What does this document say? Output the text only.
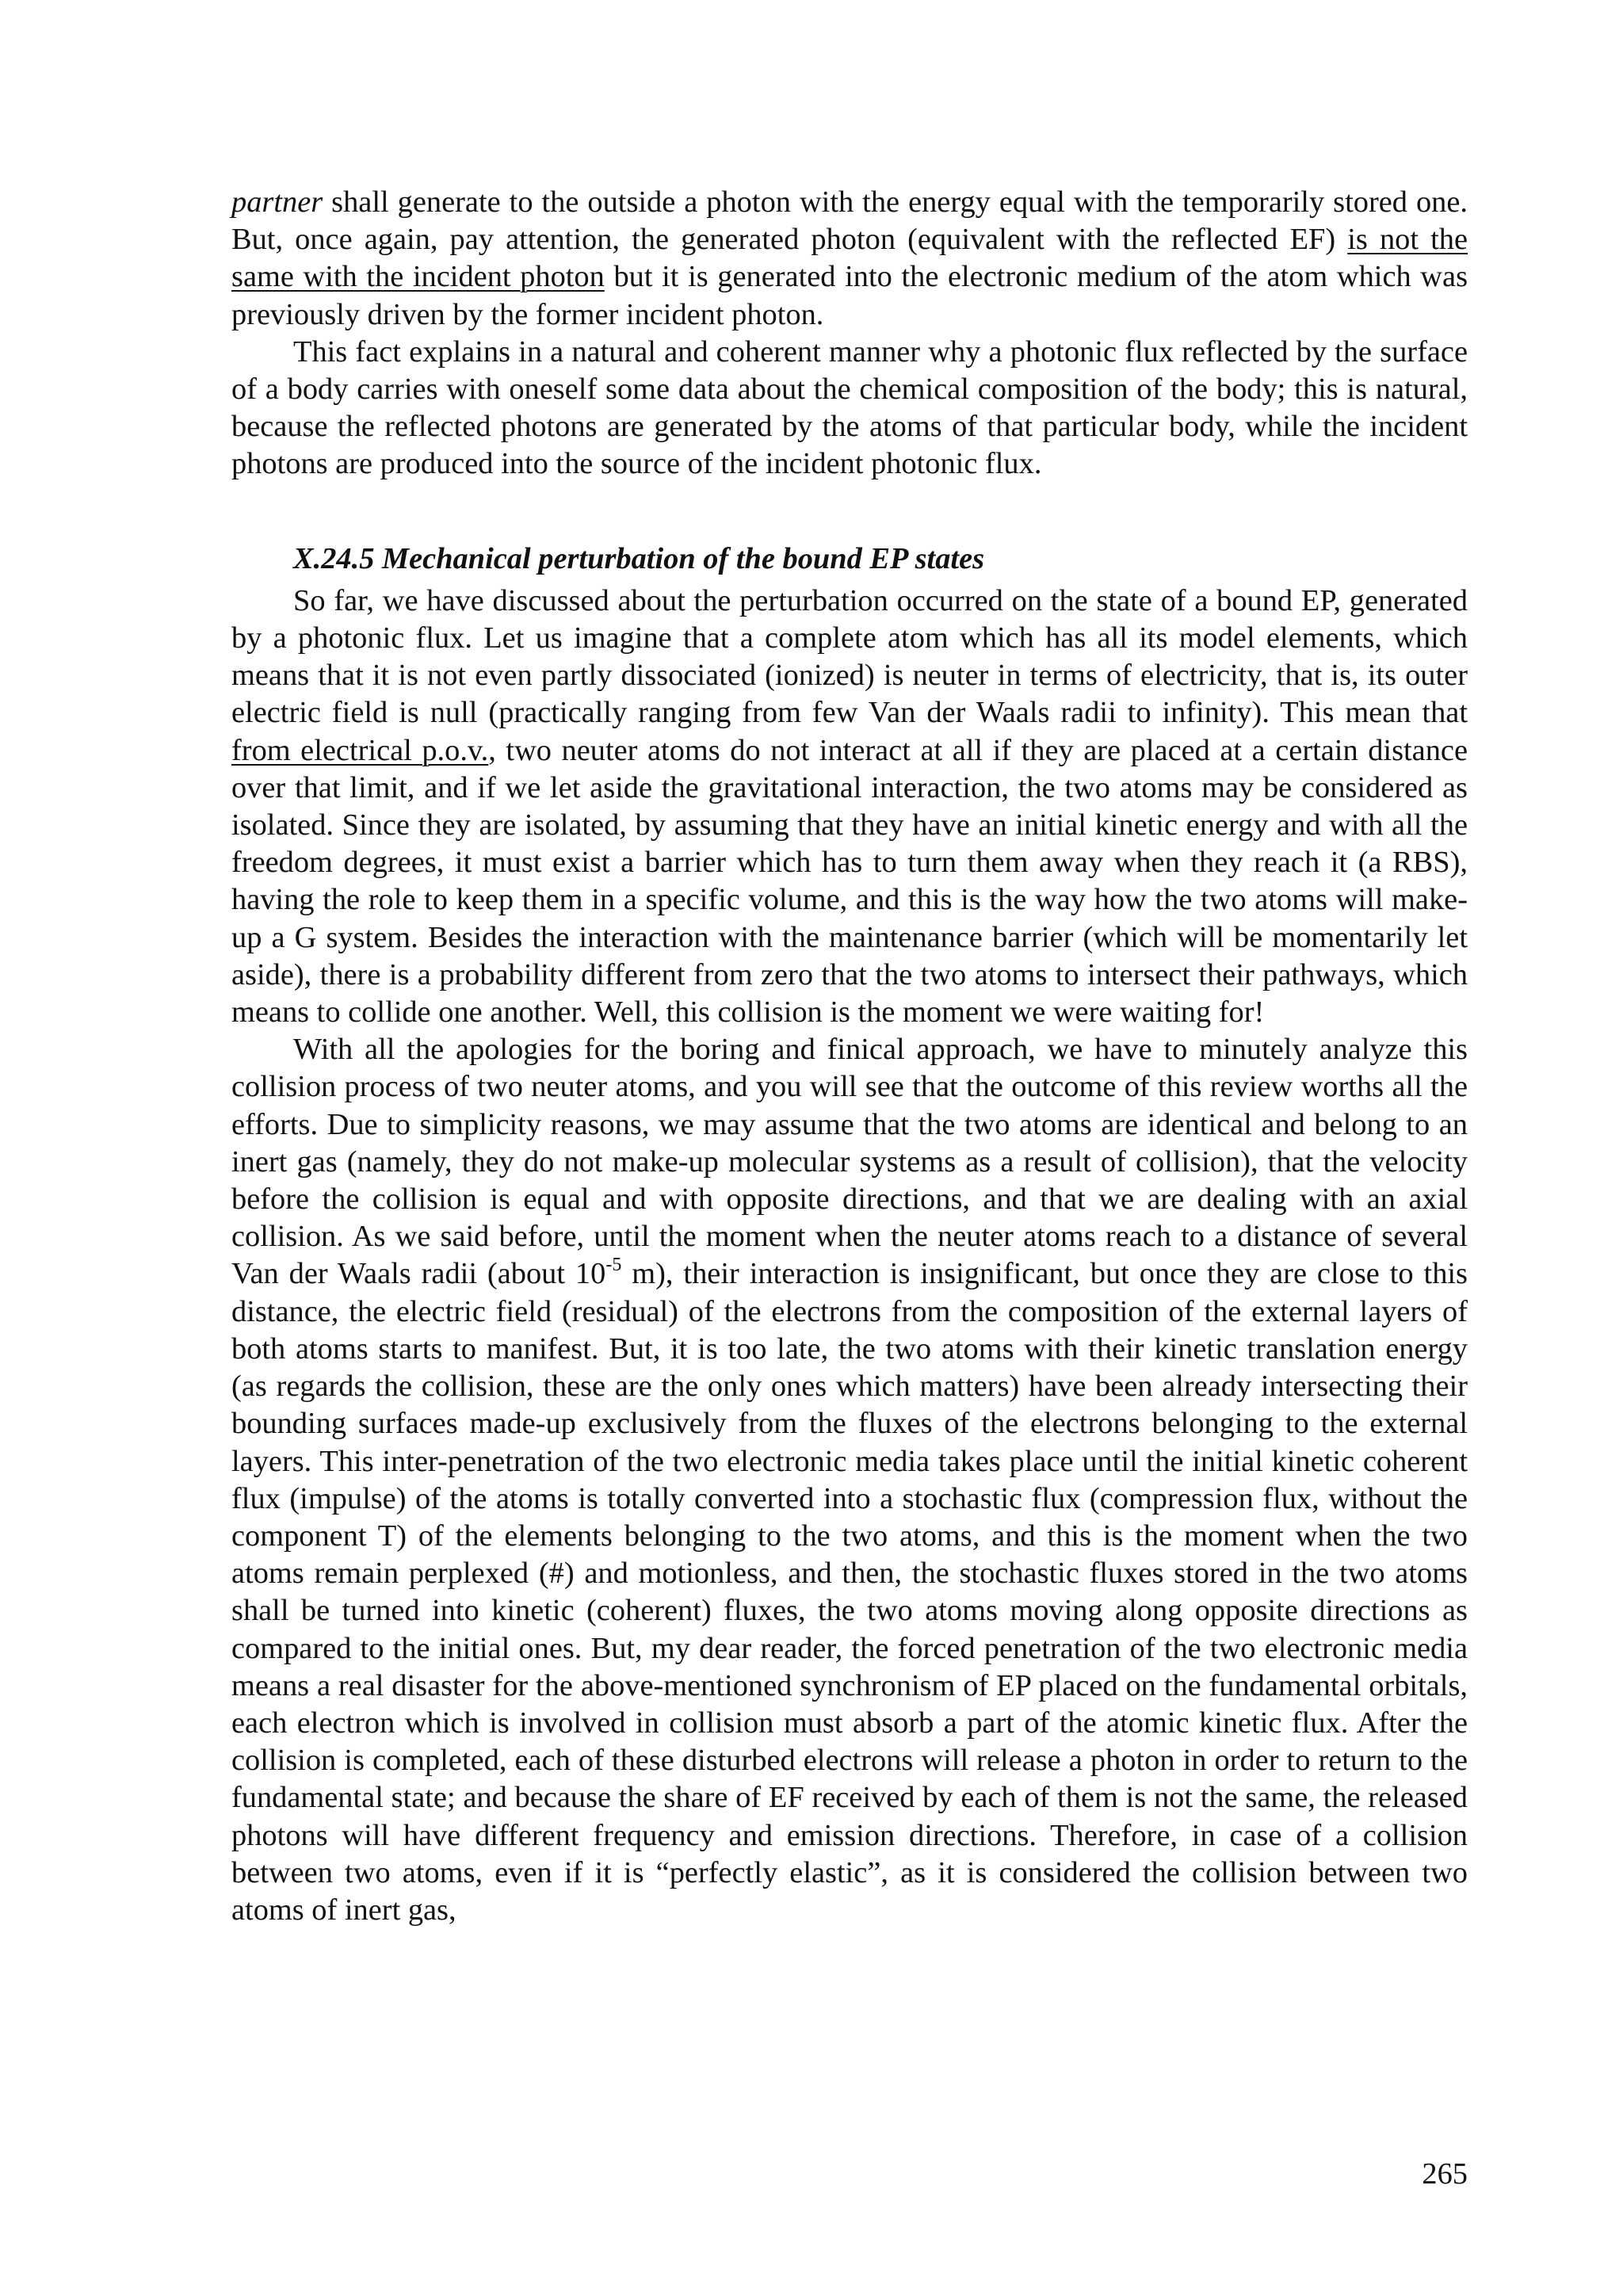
partner shall generate to the outside a photon with the energy equal with the temporarily stored one. But, once again, pay attention, the generated photon (equivalent with the reflected EF) is not the same with the incident photon but it is generated into the electronic medium of the atom which was previously driven by the former incident photon.

This fact explains in a natural and coherent manner why a photonic flux reflected by the surface of a body carries with oneself some data about the chemical composition of the body; this is natural, because the reflected photons are generated by the atoms of that particular body, while the incident photons are produced into the source of the incident photonic flux.

X.24.5 Mechanical perturbation of the bound EP states

So far, we have discussed about the perturbation occurred on the state of a bound EP, generated by a photonic flux. Let us imagine that a complete atom which has all its model elements, which means that it is not even partly dissociated (ionized) is neuter in terms of electricity, that is, its outer electric field is null (practically ranging from few Van der Waals radii to infinity). This mean that from electrical p.o.v., two neuter atoms do not interact at all if they are placed at a certain distance over that limit, and if we let aside the gravitational interaction, the two atoms may be considered as isolated. Since they are isolated, by assuming that they have an initial kinetic energy and with all the freedom degrees, it must exist a barrier which has to turn them away when they reach it (a RBS), having the role to keep them in a specific volume, and this is the way how the two atoms will make-up a G system. Besides the interaction with the maintenance barrier (which will be momentarily let aside), there is a probability different from zero that the two atoms to intersect their pathways, which means to collide one another. Well, this collision is the moment we were waiting for!

With all the apologies for the boring and finical approach, we have to minutely analyze this collision process of two neuter atoms, and you will see that the outcome of this review worths all the efforts. Due to simplicity reasons, we may assume that the two atoms are identical and belong to an inert gas (namely, they do not make-up molecular systems as a result of collision), that the velocity before the collision is equal and with opposite directions, and that we are dealing with an axial collision. As we said before, until the moment when the neuter atoms reach to a distance of several Van der Waals radii (about $10^{-5}$ m), their interaction is insignificant, but once they are close to this distance, the electric field (residual) of the electrons from the composition of the external layers of both atoms starts to manifest. But, it is too late, the two atoms with their kinetic translation energy (as regards the collision, these are the only ones which matters) have been already intersecting their bounding surfaces made-up exclusively from the fluxes of the electrons belonging to the external layers. This inter-penetration of the two electronic media takes place until the initial kinetic coherent flux (impulse) of the atoms is totally converted into a stochastic flux (compression flux, without the component T) of the elements belonging to the two atoms, and this is the moment when the two atoms remain perplexed (#) and motionless, and then, the stochastic fluxes stored in the two atoms shall be turned into kinetic (coherent) fluxes, the two atoms moving along opposite directions as compared to the initial ones. But, my dear reader, the forced penetration of the two electronic media means a real disaster for the above-mentioned synchronism of EP placed on the fundamental orbitals, each electron which is involved in collision must absorb a part of the atomic kinetic flux. After the collision is completed, each of these disturbed electrons will release a photon in order to return to the fundamental state; and because the share of EF received by each of them is not the same, the released photons will have different frequency and emission directions. Therefore, in case of a collision between two atoms, even if it is “perfectly elastic”, as it is considered the collision between two atoms of inert gas,

265
